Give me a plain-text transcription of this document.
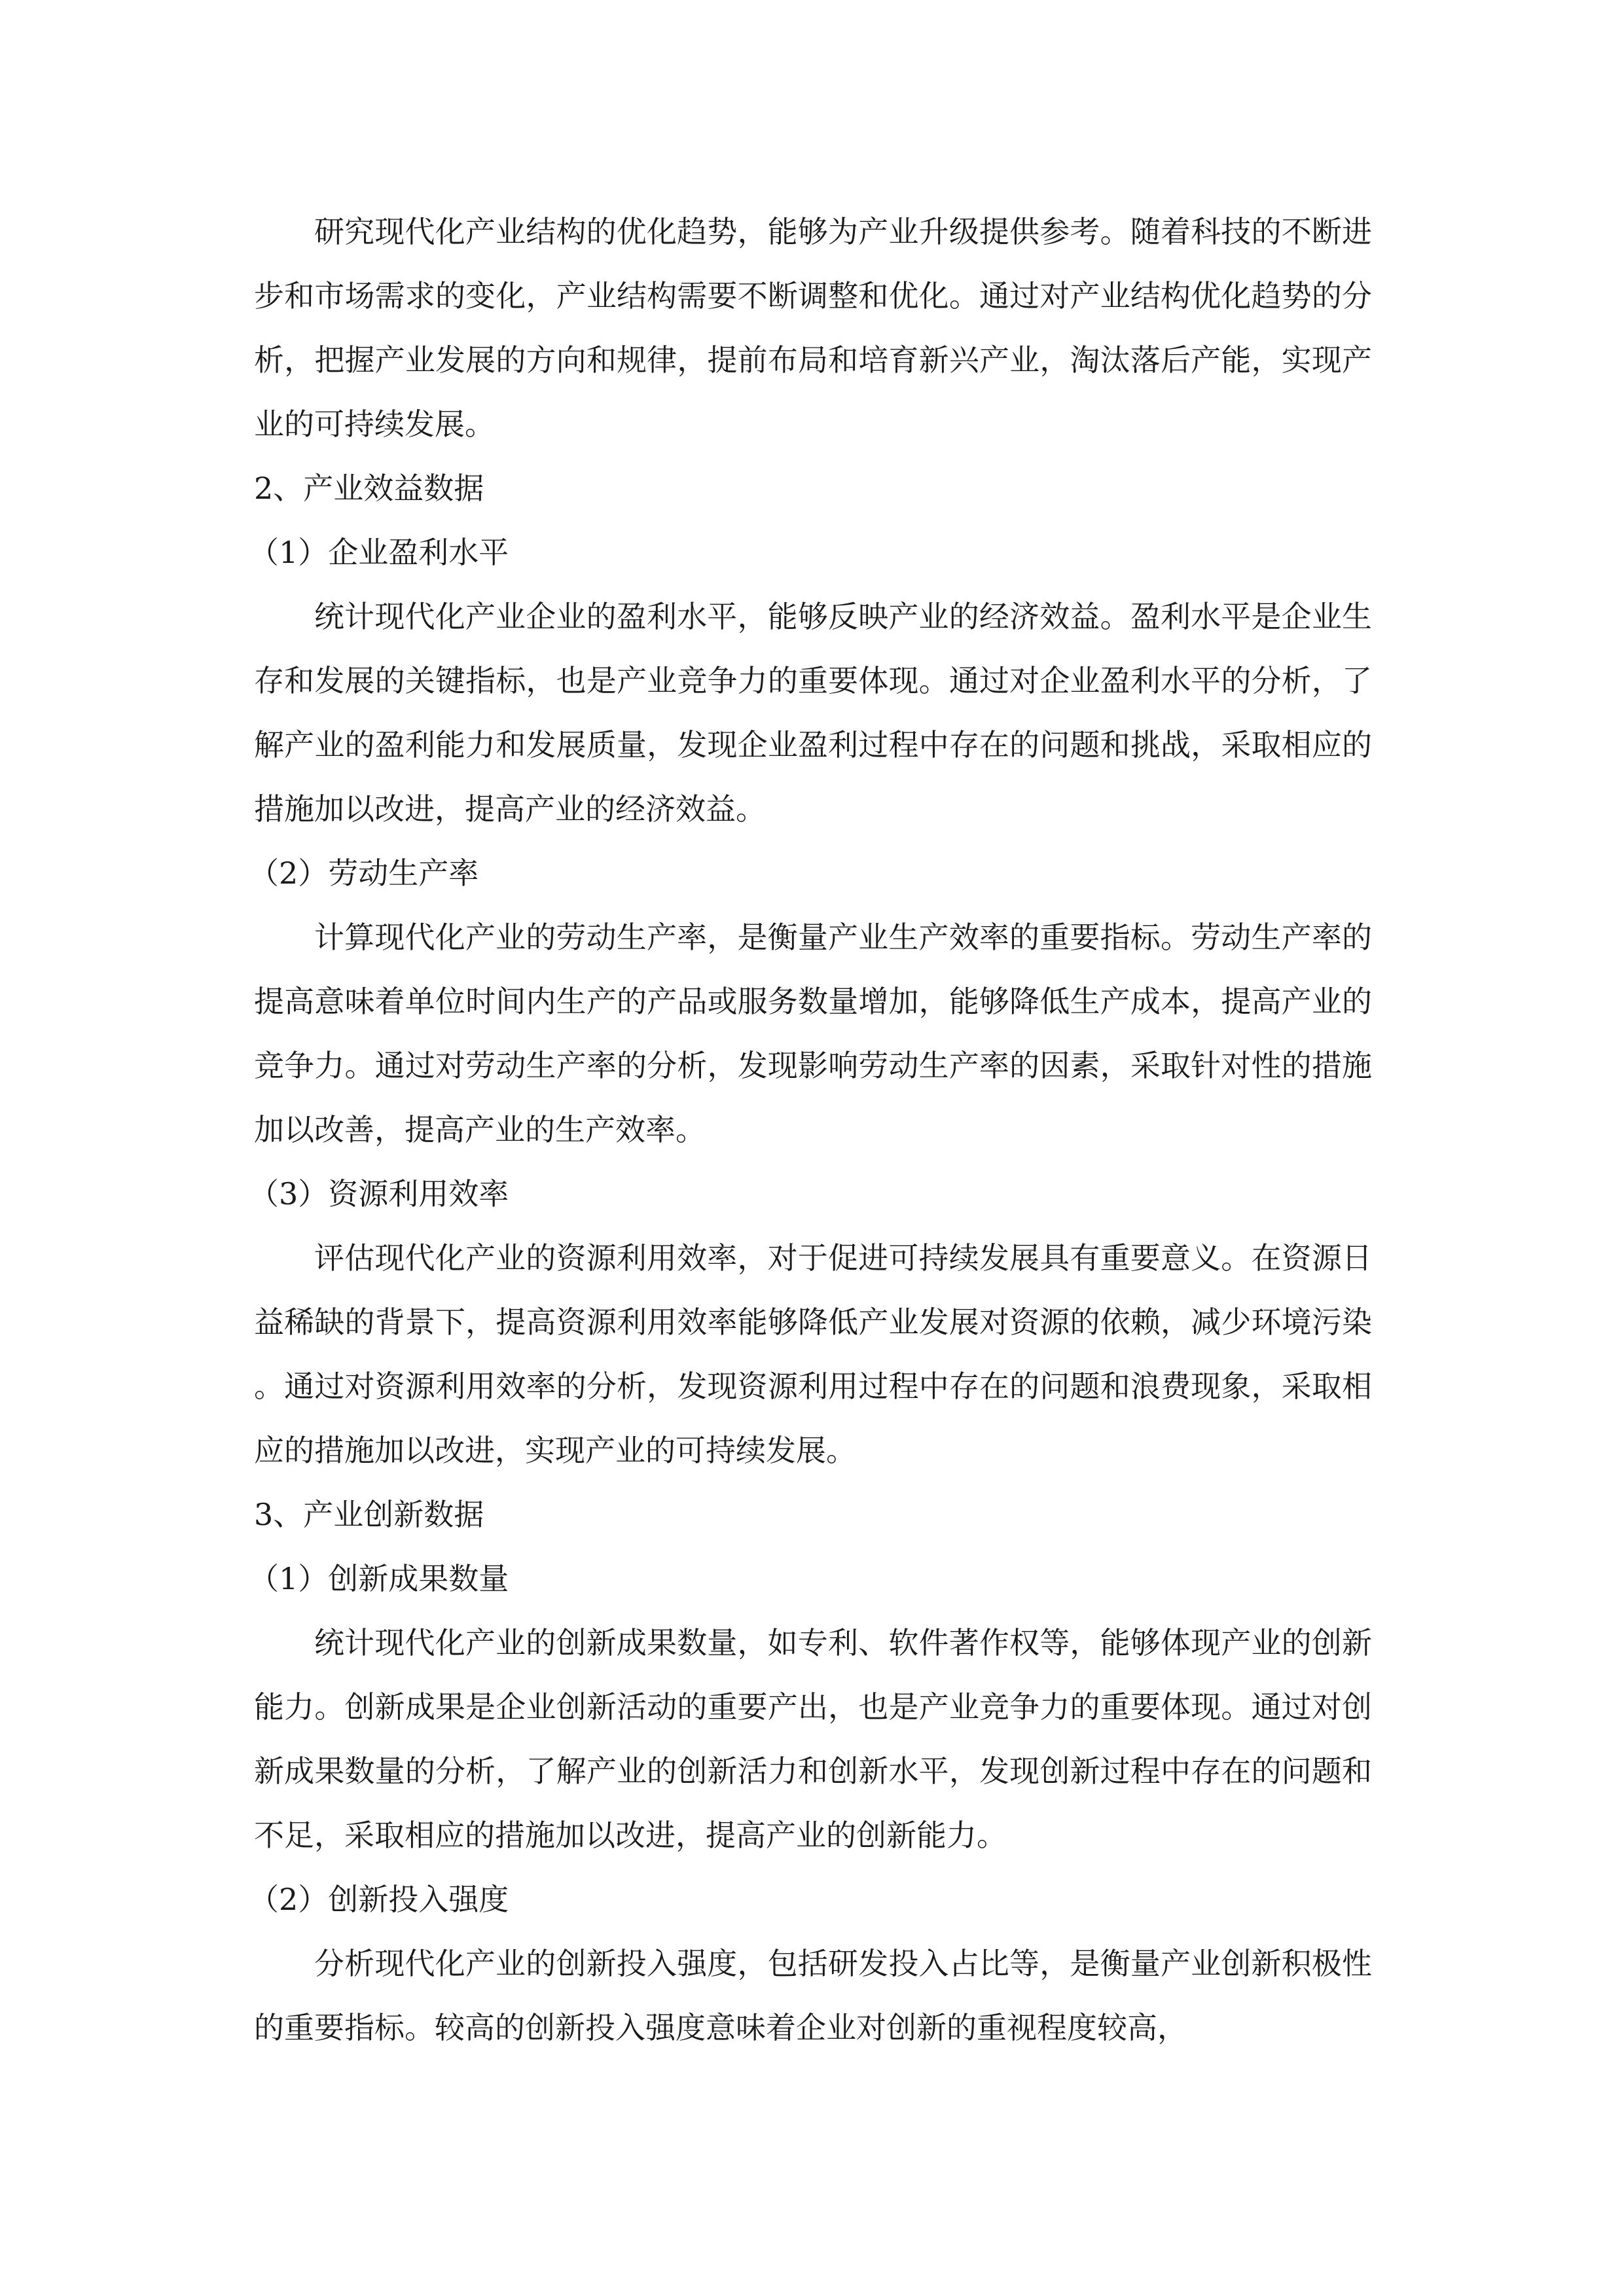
研究现代化产业结构的优化趋势，能够为产业升级提供参考。随着科技的不断进步和市场需求的变化，产业结构需要不断调整和优化。通过对产业结构优化趋势的分析，把握产业发展的方向和规律，提前布局和培育新兴产业，淘汰落后产能，实现产业的可持续发展。

2、产业效益数据

（1）企业盈利水平

统计现代化产业企业的盈利水平，能够反映产业的经济效益。盈利水平是企业生存和发展的关键指标，也是产业竞争力的重要体现。通过对企业盈利水平的分析，了解产业的盈利能力和发展质量，发现企业盈利过程中存在的问题和挑战，采取相应的措施加以改进，提高产业的经济效益。

（2）劳动生产率

计算现代化产业的劳动生产率，是衡量产业生产效率的重要指标。劳动生产率的提高意味着单位时间内生产的产品或服务数量增加，能够降低生产成本，提高产业的竞争力。通过对劳动生产率的分析，发现影响劳动生产率的因素，采取针对性的措施加以改善，提高产业的生产效率。

（3）资源利用效率

评估现代化产业的资源利用效率，对于促进可持续发展具有重要意义。在资源日益稀缺的背景下，提高资源利用效率能够降低产业发展对资源的依赖，减少环境污染。通过对资源利用效率的分析，发现资源利用过程中存在的问题和浪费现象，采取相应的措施加以改进，实现产业的可持续发展。

3、产业创新数据

（1）创新成果数量

统计现代化产业的创新成果数量，如专利、软件著作权等，能够体现产业的创新能力。创新成果是企业创新活动的重要产出，也是产业竞争力的重要体现。通过对创新成果数量的分析，了解产业的创新活力和创新水平，发现创新过程中存在的问题和不足，采取相应的措施加以改进，提高产业的创新能力。

（2）创新投入强度

分析现代化产业的创新投入强度，包括研发投入占比等，是衡量产业创新积极性的重要指标。较高的创新投入强度意味着企业对创新的重视程度较高，
